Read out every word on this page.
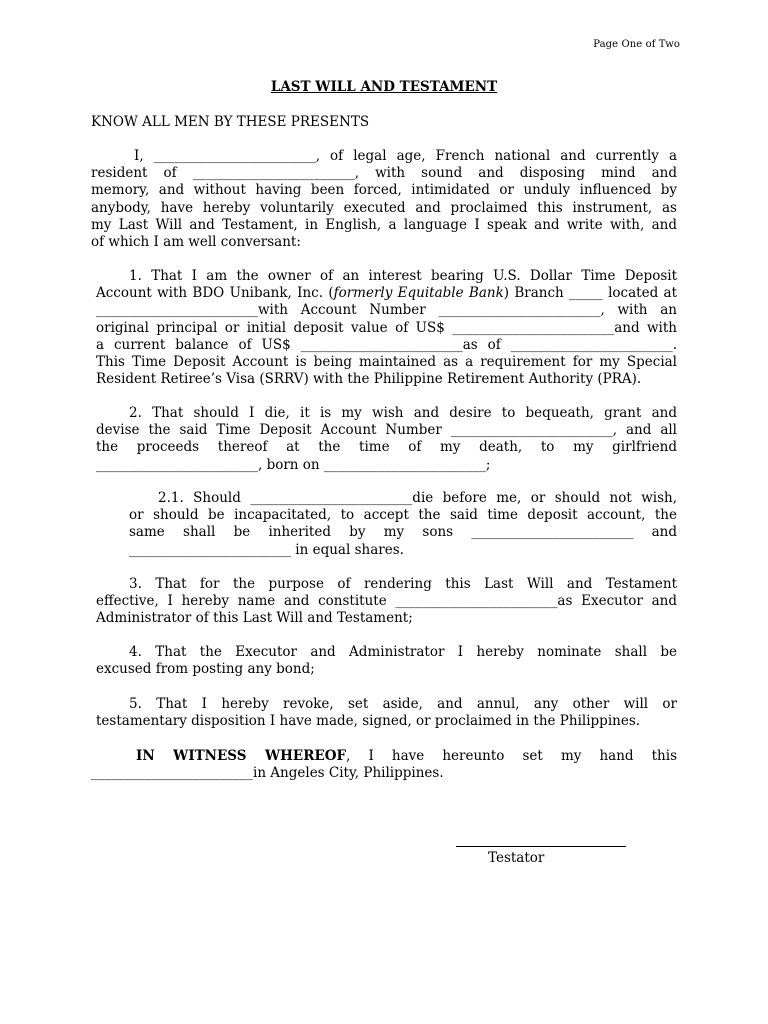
Page One of Two
LAST WILL AND TESTAMENT
KNOW ALL MEN BY THESE PRESENTS
I, ________________________, of legal age, French national and currently a
resident of ________________________, with sound and disposing mind and
memory, and without having been forced, intimidated or unduly influenced by
anybody, have hereby voluntarily executed and proclaimed this instrument, as
my Last Will and Testament, in English, a language I speak and write with, and
of which I am well conversant:
1. That I am the owner of an interest bearing U.S. Dollar Time Deposit
Account with BDO Unibank, Inc. (formerly Equitable Bank) Branch _____ located at
________________________with Account Number ________________________, with an
original principal or initial deposit value of US$ ________________________and with
a current balance of US$ ________________________as of ________________________.
This Time Deposit Account is being maintained as a requirement for my Special
Resident Retiree’s Visa (SRRV) with the Philippine Retirement Authority (PRA).
2. That should I die, it is my wish and desire to bequeath, grant and
devise the said Time Deposit Account Number ________________________, and all
the proceeds thereof at the time of my death, to my girlfriend
________________________, born on ________________________;
2.1. Should ________________________die before me, or should not wish,
or should be incapacitated, to accept the said time deposit account, the
same shall be inherited by my sons ________________________ and
________________________ in equal shares.
3. That for the purpose of rendering this Last Will and Testament
effective, I hereby name and constitute ________________________as Executor and
Administrator of this Last Will and Testament;
4. That the Executor and Administrator I hereby nominate shall be
excused from posting any bond;
5. That I hereby revoke, set aside, and annul, any other will or
testamentary disposition I have made, signed, or proclaimed in the Philippines.
IN WITNESS WHEREOF, I have hereunto set my hand this
________________________in Angeles City, Philippines.
Testator
